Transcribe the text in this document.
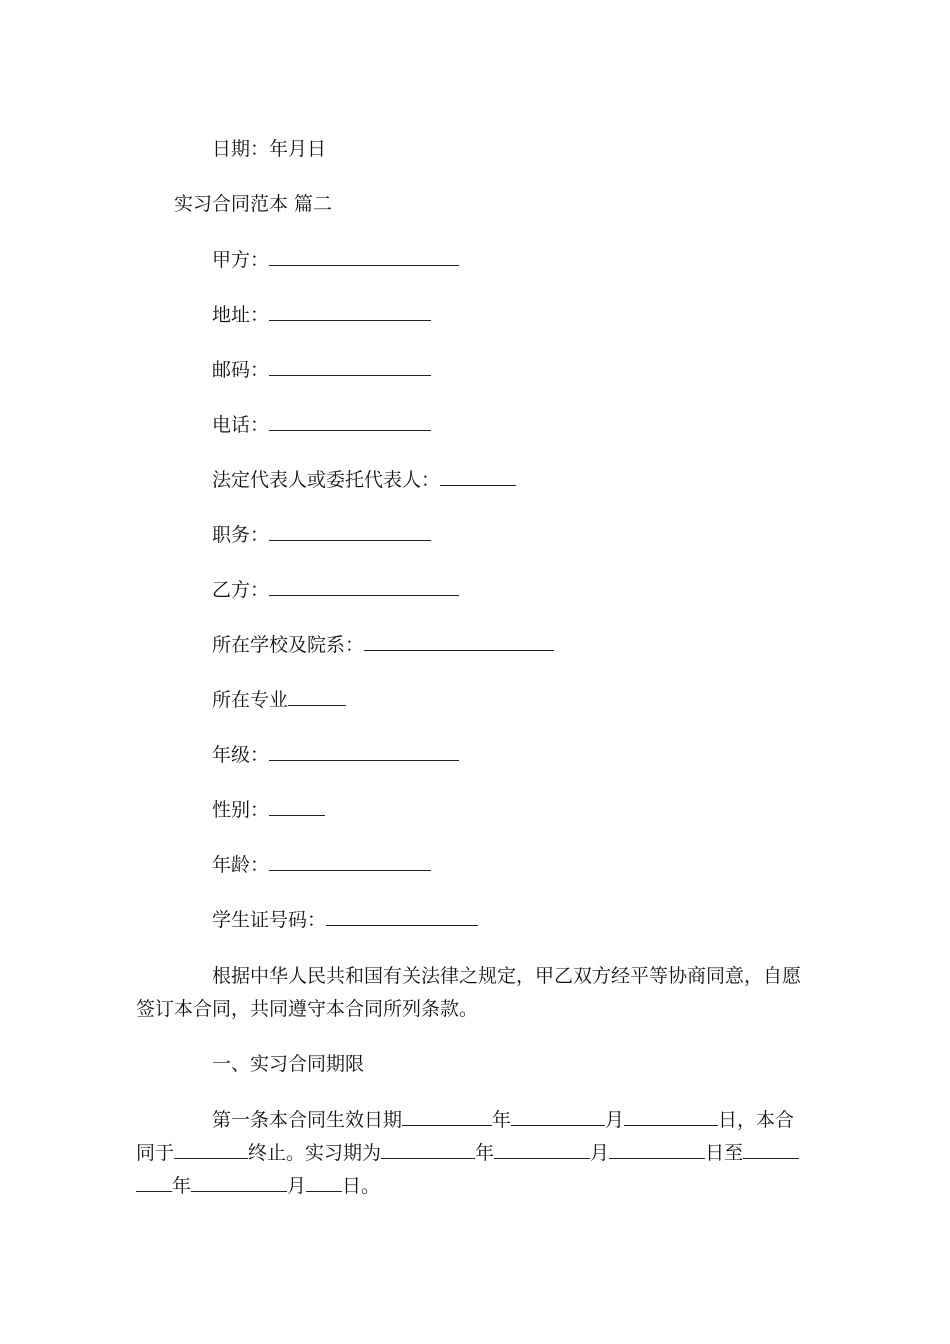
日期：年月日
实习合同范本 篇二
甲方：
地址：
邮码：
电话：
法定代表人或委托代表人：
职务：
乙方：
所在学校及院系：
所在专业
年级：
性别：
年龄：
学生证号码：
根据中华人民共和国有关法律之规定，甲乙双方经平等协商同意，自愿
签订本合同，共同遵守本合同所列条款。
一、实习合同期限
第一条本合同生效日期	年	月	日，本合
同于	终止。实习期为	年	月	日至
年	月 日。
